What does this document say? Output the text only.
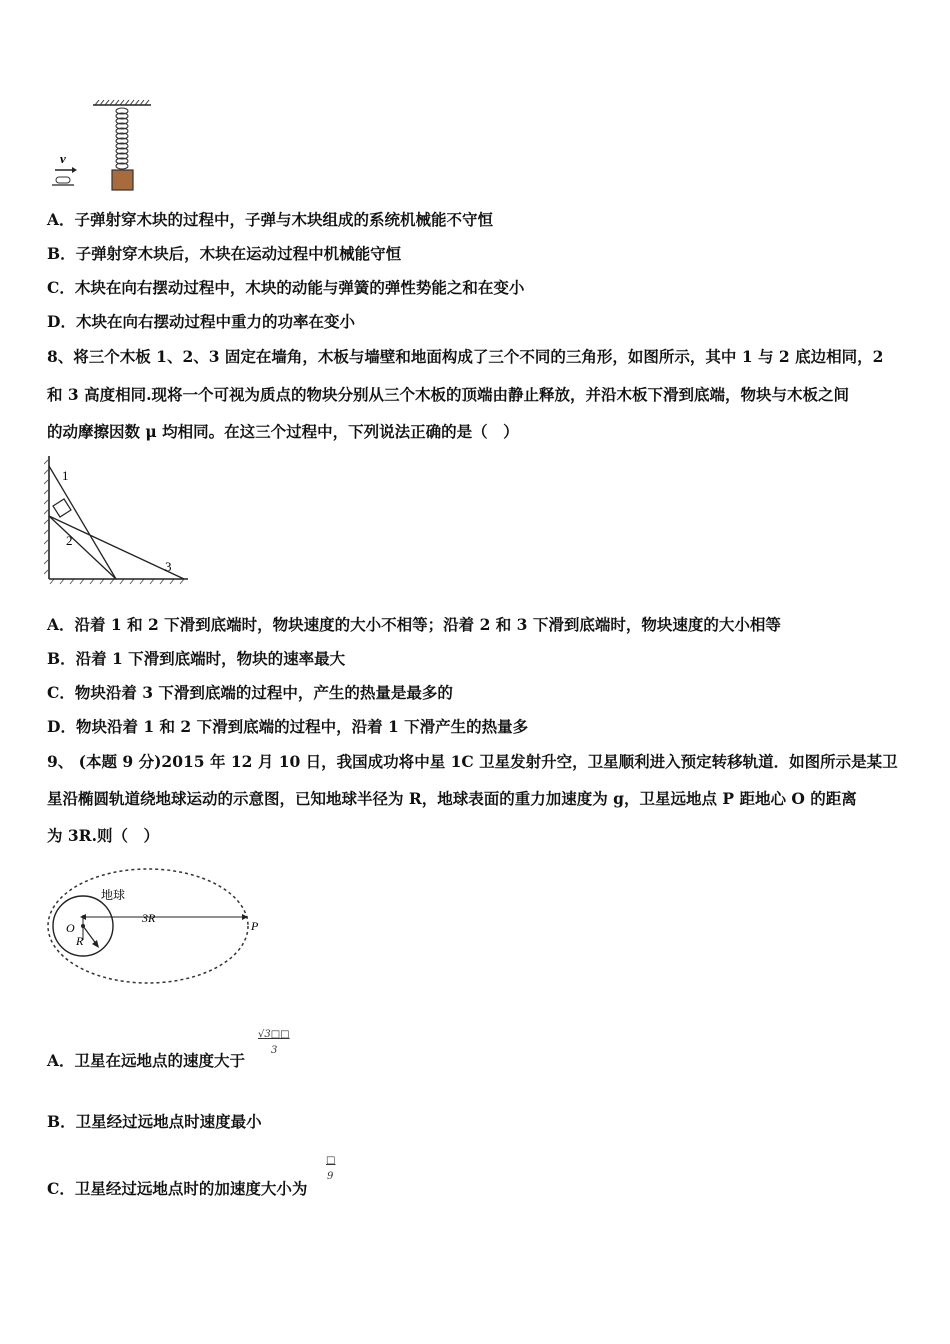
v
A．子弹射穿木块的过程中，子弹与木块组成的系统机械能不守恒
B．子弹射穿木块后，木块在运动过程中机械能守恒
C．木块在向右摆动过程中，木块的动能与弹簧的弹性势能之和在变小
D．木块在向右摆动过程中重力的功率在变小
8、将三个木板 1、2、3 固定在墙角，木板与墙壁和地面构成了三个不同的三角形，如图所示，其中 1 与 2 底边相同，2
和 3 高度相同.现将一个可视为质点的物块分别从三个木板的顶端由静止释放，并沿木板下滑到底端，物块与木板之间
的动摩擦因数 μ 均相同。在这三个过程中，下列说法正确的是（　）
1
2
3
A．沿着 1 和 2 下滑到底端时，物块速度的大小不相等；沿着 2 和 3 下滑到底端时，物块速度的大小相等
B．沿着 1 下滑到底端时，物块的速率最大
C．物块沿着 3 下滑到底端的过程中，产生的热量是最多的
D．物块沿着 1 和 2 下滑到底端的过程中，沿着 1 下滑产生的热量多
9、 (本题 9 分)2015 年 12 月 10 日，我国成功将中星 1C 卫星发射升空，卫星顺利进入预定转移轨道．如图所示是某卫
星沿椭圆轨道绕地球运动的示意图，已知地球半径为 R，地球表面的重力加速度为 g，卫星远地点 P 距地心 O 的距离
为 3R.则（　）
地球
3R
O
R
P
A．卫星在远地点的速度大于
√3□□
3
B．卫星经过远地点时速度最小
C．卫星经过远地点时的加速度大小为
□
9
